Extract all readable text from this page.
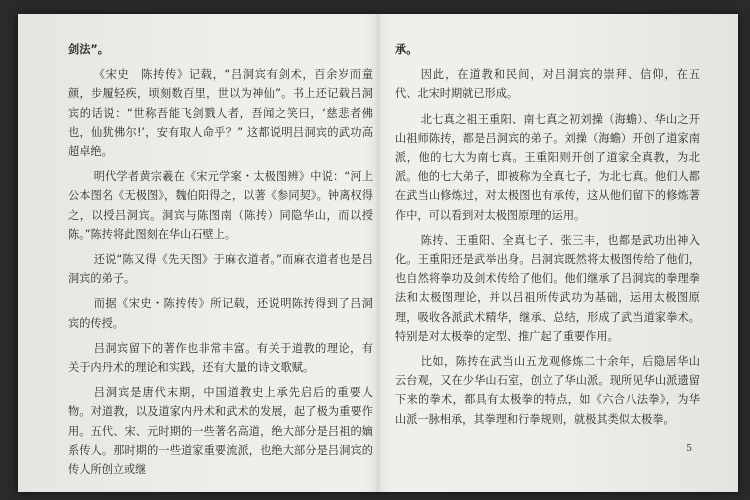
剑法”。

《宋史　陈抟传》记载，“吕洞宾有剑术，百余岁而童颜，步履轻疾，顷刻数百里，世以为神仙”。书上还记载吕洞宾的话说：“世称吾能飞剑戮人者，吾闻之笑曰，‘慈悲者佛也，仙犹佛尔!’，安有取人命乎？” 这都说明吕洞宾的武功高超卓绝。

明代学者黄宗羲在《宋元学案・太极图辨》中说：“河上公本图名《无极图》，魏伯阳得之，以著《参同契》。钟离权得之，以授吕洞宾。洞宾与陈图南（陈抟）同隐华山，而以授陈。”陈抟将此图刻在华山石壁上。

还说“陈又得《先天图》于麻衣道者。”而麻衣道者也是吕洞宾的弟子。

而据《宋史・陈抟传》所记载，还说明陈抟得到了吕洞宾的传授。

吕洞宾留下的著作也非常丰富。有关于道教的理论，有关于内丹术的理论和实践，还有大量的诗文歌赋。

吕洞宾是唐代末期，中国道教史上承先启后的重要人物。对道教，以及道家内丹术和武术的发展，起了极为重要作用。五代、宋、元时期的一些著名高道，绝大部分是吕祖的嫡系传人。那时期的一些道家重要流派，也绝大部分是吕洞宾的传人所创立或继

承。

因此，在道教和民间，对吕洞宾的崇拜、信仰，在五代、北宋时期就已形成。

北七真之祖王重阳、南七真之初刘操（海蟾）、华山之开山祖师陈抟，都是吕洞宾的弟子。刘操（海蟾）开创了道家南派，他的七大为南七真。王重阳则开创了道家全真教，为北派。他的七大弟子，即被称为全真七子，为北七真。他们人都在武当山修炼过，对太极图也有承传，这从他们留下的修炼著作中，可以看到对太极图原理的运用。

陈抟、王重阳、全真七子、张三丰，也都是武功出神入化。王重阳还是武举出身。吕洞宾既然将太极图传给了他们，也自然将拳功及剑术传给了他们。他们继承了吕洞宾的拳理拳法和太极图理论，并以吕祖所传武功为基础，运用太极图原理，吸收各派武术精华，继承、总结，形成了武当道家拳术。特别是对太极拳的定型、推广起了重要作用。

比如，陈抟在武当山五龙观修炼二十余年，后隐居华山云台观，又在少华山石室，创立了华山派。现所见华山派遗留下来的拳术，都具有太极拳的特点，如《六合八法拳》，为华山派一脉相承，其拳理和行拳规则，就极其类似太极拳。

5
